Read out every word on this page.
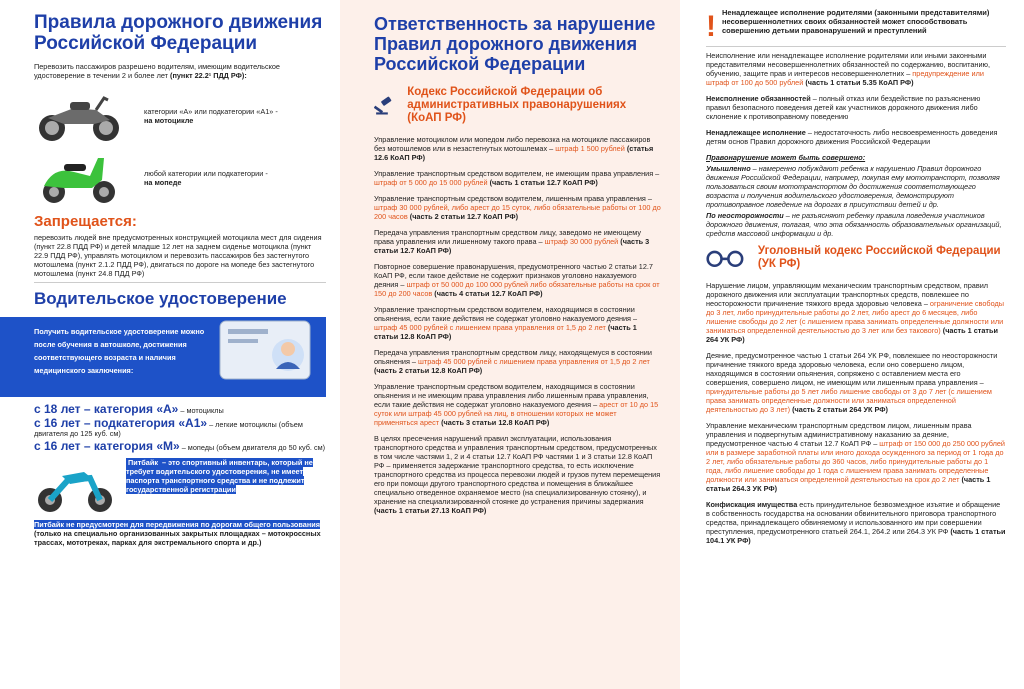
Правила дорожного движения Российской Федерации

Перевозить пассажиров разрешено водителям, имеющим водительское удостоверение в течении 2 и более лет (пункт 22.2¹ ПДД РФ):

категории «А» или подкатегории «А1» -
на мотоцикле
любой категории или подкатегории -
на мопеде
Запрещается:

перевозить людей вне предусмотренных конструкцией мотоцикла мест для сидения (пункт 22.8 ПДД РФ) и детей младше 12 лет на заднем сиденье мотоцикла (пункт 22.9 ПДД РФ), управлять мотоциклом и перевозить пассажиров без застегнутого мотошлема (пункт 2.1.2 ПДД РФ), двигаться по дороге на мопеде без застегнутого мотошлема (пункт 24.8 ПДД РФ)

Водительское удостоверение
Получить водительское удостоверение можно после обучения в автошколе, достижения соответствующего возраста и наличия медицинского заключения:
с 18 лет – категория «А» – мотоциклы
с 16 лет – подкатегория «А1» – легкие мотоциклы (объем двигателя до 125 куб. см)
с 16 лет – категория «М» – мопеды (объем двигателя до 50 куб. см)
Питбайк – это спортивный инвентарь, который не требует водительского удостоверения, не имеет паспорта транспортного средства и не подлежит государственной регистрации
Питбайк не предусмотрен для передвижения по дорогам общего пользования (только на специально организованных закрытых площадках – мотокроссных трассах, мототреках, парках для экстремального спорта и др.)
Ответственность за нарушение Правил дорожного движения Российской Федерации
Кодекс Российской Федерации об административных правонарушениях (КоАП РФ)

Управление мотоциклом или мопедом либо перевозка на мотоцикле пассажиров без мотошлемов или в незастегнутых мотошлемах – штраф 1 500 рублей (статья 12.6 КоАП РФ)

Управление транспортным средством водителем, не имеющим права управления – штраф от 5 000 до 15 000 рублей (часть 1 статьи 12.7 КоАП РФ)

Управление транспортным средством водителем, лишенным права управления – штраф 30 000 рублей, либо арест до 15 суток, либо обязательные работы от 100 до 200 часов (часть 2 статьи 12.7 КоАП РФ)

Передача управления транспортным средством лицу, заведомо не имеющему права управления или лишенному такого права – штраф 30 000 рублей (часть 3 статьи 12.7 КоАП РФ)

Повторное совершение правонарушения, предусмотренного частью 2 статьи 12.7 КоАП РФ, если такое действие не содержит признаков уголовно наказуемого деяния – штраф от 50 000 до 100 000 рублей либо обязательные работы на срок от 150 до 200 часов (часть 4 статьи 12.7 КоАП РФ)

Управление транспортным средством водителем, находящимся в состоянии опьянения, если такие действия не содержат уголовно наказуемого деяния – штраф 45 000 рублей с лишением права управления от 1,5 до 2 лет (часть 1 статьи 12.8 КоАП РФ)

Передача управления транспортным средством лицу, находящемуся в состоянии опьянения – штраф 45 000 рублей с лишением права управления от 1,5 до 2 лет (часть 2 статьи 12.8 КоАП РФ)

Управление транспортным средством водителем, находящимся в состоянии опьянения и не имеющим права управления либо лишенным права управления, если такие действия не содержат уголовно наказуемого деяния – арест от 10 до 15 суток или штраф 45 000 рублей на лиц, в отношении которых не может применяться арест (часть 3 статьи 12.8 КоАП РФ)

В целях пресечения нарушений правил эксплуатации, использования транспортного средства и управления транспортным средством, предусмотренных в том числе частями 1, 2 и 4 статьи 12.7 КоАП РФ частями 1 и 3 статьи 12.8 КоАП РФ – применяется задержание транспортного средства, то есть исключение транспортного средства из процесса перевозки людей и грузов путем перемещения его при помощи другого транспортного средства и помещения в ближайшее специально отведенное охраняемое место (на специализированную стоянку), и хранение на специализированной стоянке до устранения причины задержания (часть 1 статьи 27.13 КоАП РФ)

! Ненадлежащее исполнение родителями (законными представителями) несовершеннолетних своих обязанностей может способствовать совершению детьми правонарушений и преступлений

Неисполнение или ненадлежащее исполнение родителями или иными законными представителями несовершеннолетних обязанностей по содержанию, воспитанию, обучению, защите прав и интересов несовершеннолетних – предупреждение или штраф от 100 до 500 рублей (часть 1 статьи 5.35 КоАП РФ)

Неисполнение обязанностей – полный отказ или бездействие по разъяснению правил безопасного поведения детей как участников дорожного движения либо склонение к противоправному поведению

Ненадлежащее исполнение – недостаточность либо несвоевременность доведения детям основ Правил дорожного движения Российской Федерации

Правонарушение может быть совершено:

Умышленно – намеренно побуждают ребенка к нарушению Правил дорожного движения Российской Федерации, например, покупая ему мототранспорт, позволяя пользоваться своим мототранспортом до достижения соответствующего возраста и получения водительского удостоверения, демонстрируют противоправное поведение на дорогах в присутствии детей и др.

По неосторожности – не разъясняют ребенку правила поведения участников дорожного движения, полагая, что эта обязанность образовательных организаций, средств массовой информации и др.

Уголовный кодекс Российской Федерации (УК РФ)

Нарушение лицом, управляющим механическим транспортным средством, правил дорожного движения или эксплуатации транспортных средств, повлекшее по неосторожности причинение тяжкого вреда здоровью человека – ограничение свободы до 3 лет, либо принудительные работы до 2 лет, либо арест до 6 месяцев, либо лишение свободы до 2 лет (с лишением права занимать определенные должности или заниматься определенной деятельностью до 3 лет или без такового) (часть 1 статьи 264 УК РФ)

Деяние, предусмотренное частью 1 статьи 264 УК РФ, повлекшее по неосторожности причинение тяжкого вреда здоровью человека, если оно совершено лицом, находящимся в состоянии опьянения, сопряжено с оставлением места его совершения, совершено лицом, не имеющим или лишенным права управления – принудительные работы до 5 лет либо лишение свободы от 3 до 7 лет (с лишением права занимать определенные должности или заниматься определенной деятельностью до 3 лет) (часть 2 статьи 264 УК РФ)

Управление механическим транспортным средством лицом, лишенным права управления и подвергнутым административному наказанию за деяние, предусмотренное частью 4 статьи 12.7 КоАП РФ – штраф от 150 000 до 250 000 рублей или в размере заработной платы или иного дохода осужденного за период от 1 года до 2 лет, либо обязательные работы до 360 часов, либо принудительные работы до 1 года, либо лишение свободы до 1 года с лишением права занимать определенные должности или заниматься определенной деятельностью на срок до 2 лет (часть 1 статьи 264.3 УК РФ)

Конфискация имущества есть принудительное безвозмездное изъятие и обращение в собственность государства на основании обвинительного приговора транспортного средства, принадлежащего обвиняемому и использованного им при совершении преступления, предусмотренного статьей 264.1, 264.2 или 264.3 УК РФ (часть 1 статьи 104.1 УК РФ)
